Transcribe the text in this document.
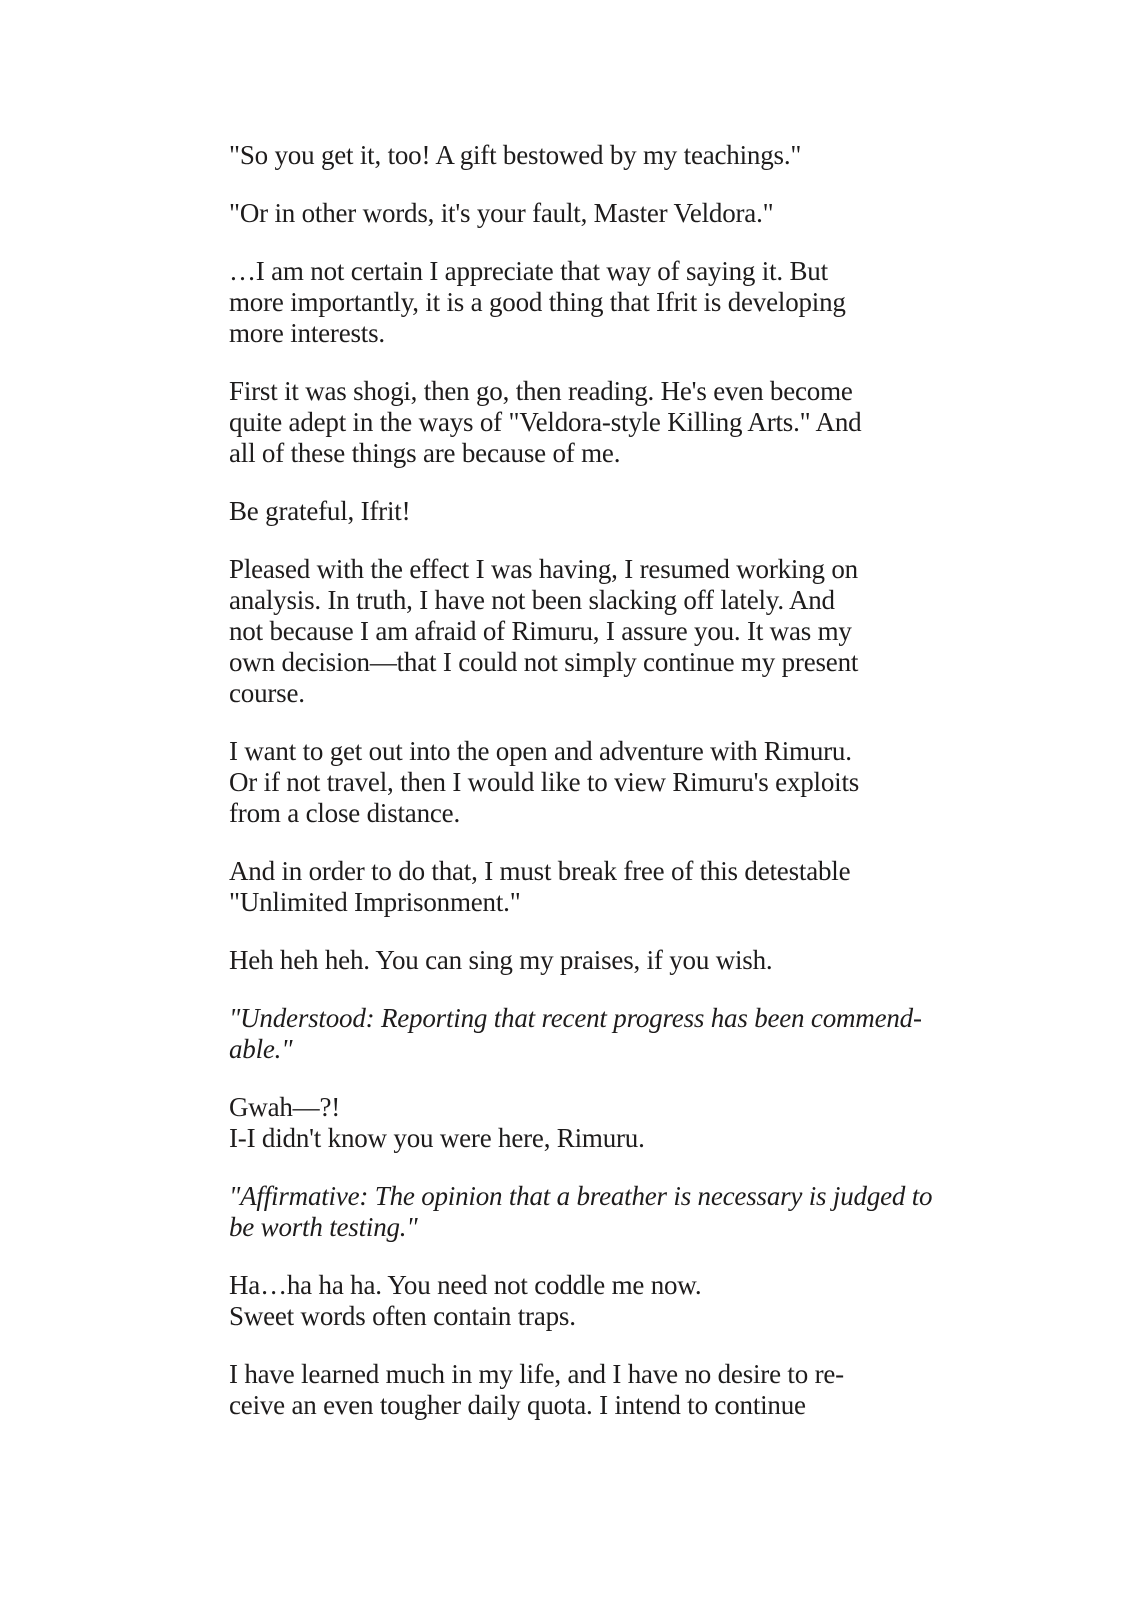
"So you get it, too! A gift bestowed by my teachings."

"Or in other words, it's your fault, Master Veldora."

…I am not certain I appreciate that way of saying it. But
more importantly, it is a good thing that Ifrit is developing
more interests.

First it was shogi, then go, then reading. He's even become
quite adept in the ways of "Veldora-style Killing Arts." And
all of these things are because of me.

Be grateful, Ifrit!

Pleased with the effect I was having, I resumed working on
analysis. In truth, I have not been slacking off lately. And
not because I am afraid of Rimuru, I assure you. It was my
own decision—that I could not simply continue my present
course.

I want to get out into the open and adventure with Rimuru.
Or if not travel, then I would like to view Rimuru's exploits
from a close distance.

And in order to do that, I must break free of this detestable
"Unlimited Imprisonment."

Heh heh heh. You can sing my praises, if you wish.

"Understood: Reporting that recent progress has been commend-
able."

Gwah—?!
I-I didn't know you were here, Rimuru.

"Affirmative: The opinion that a breather is necessary is judged to
be worth testing."

Ha…ha ha ha. You need not coddle me now.
Sweet words often contain traps.

I have learned much in my life, and I have no desire to re-
ceive an even tougher daily quota. I intend to continue
